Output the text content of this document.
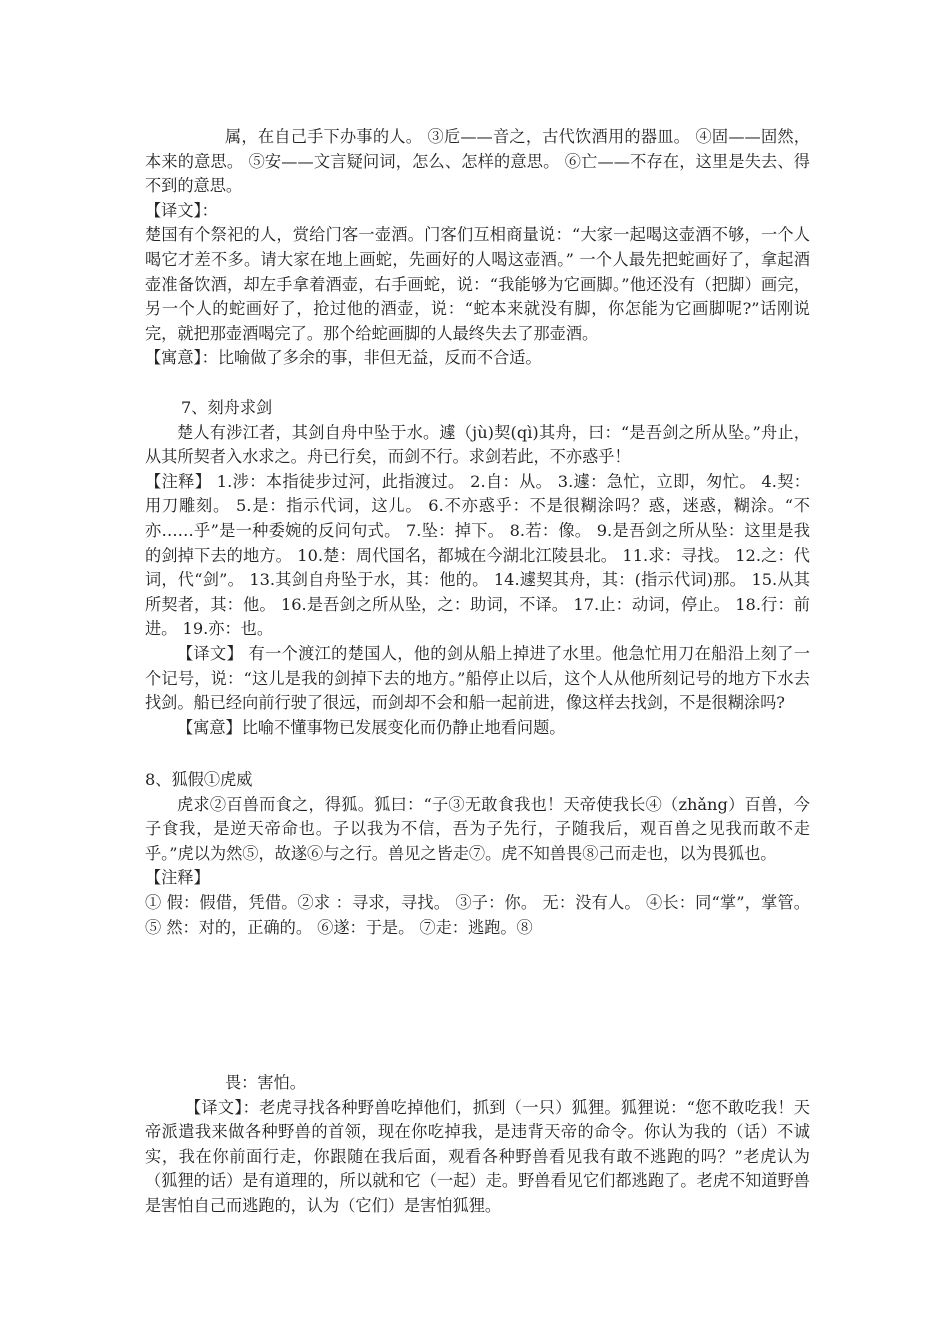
属，在自己手下办事的人。 ③卮——音之，古代饮酒用的器皿。 ④固——固然，本来的意思。 ⑤安——文言疑问词，怎么、怎样的意思。 ⑥亡——不存在，这里是失去、得不到的意思。

【译文】：

楚国有个祭祀的人，赏给门客一壶酒。门客们互相商量说：“大家一起喝这壶酒不够，一个人喝它才差不多。请大家在地上画蛇，先画好的人喝这壶酒。” 一个人最先把蛇画好了，拿起酒壶准备饮酒，却左手拿着酒壶，右手画蛇，说：“我能够为它画脚。”他还没有（把脚）画完，另一个人的蛇画好了，抢过他的酒壶，说：“蛇本来就没有脚，你怎能为它画脚呢?”话刚说完，就把那壶酒喝完了。那个给蛇画脚的人最终失去了那壶酒。

【寓意】：比喻做了多余的事，非但无益，反而不合适。

7、刻舟求剑

楚人有涉江者，其剑自舟中坠于水。遽（jù)契(qì)其舟，曰：“是吾剑之所从坠。”舟止，从其所契者入水求之。舟已行矣，而剑不行。求剑若此，不亦惑乎！

【注释】 1.涉：本指徒步过河，此指渡过。 2.自：从。 3.遽：急忙，立即，匆忙。 4.契：用刀雕刻。 5.是：指示代词，这儿。 6.不亦惑乎：不是很糊涂吗？惑，迷惑，糊涂。“不亦……乎”是一种委婉的反问句式。 7.坠：掉下。 8.若：像。 9.是吾剑之所从坠：这里是我的剑掉下去的地方。 10.楚：周代国名，都城在今湖北江陵县北。 11.求：寻找。 12.之：代词，代“剑”。 13.其剑自舟坠于水，其：他的。 14.遽契其舟，其：(指示代词)那。 15.从其所契者，其：他。 16.是吾剑之所从坠，之：助词，不译。 17.止：动词，停止。 18.行：前进。 19.亦：也。

【译文】 有一个渡江的楚国人，他的剑从船上掉进了水里。他急忙用刀在船沿上刻了一个记号，说：“这儿是我的剑掉下去的地方。”船停止以后，这个人从他所刻记号的地方下水去找剑。船已经向前行驶了很远，而剑却不会和船一起前进，像这样去找剑，不是很糊涂吗?

【寓意】比喻不懂事物已发展变化而仍静止地看问题。

8、狐假①虎威

虎求②百兽而食之，得狐。狐曰：“子③无敢食我也！天帝使我长④（zhǎng）百兽，今子食我，是逆天帝命也。子以我为不信，吾为子先行，子随我后，观百兽之见我而敢不走乎。”虎以为然⑤，故遂⑥与之行。兽见之皆走⑦。虎不知兽畏⑧己而走也，以为畏狐也。

【注释】

① 假：假借，凭借。②求 ：寻求，寻找。 ③子：你。 无：没有人。 ④长：同“掌”，掌管。⑤ 然：对的，正确的。 ⑥遂：于是。 ⑦走：逃跑。⑧

畏：害怕。

【译文】：老虎寻找各种野兽吃掉他们，抓到（一只）狐狸。狐狸说：“您不敢吃我！天帝派遣我来做各种野兽的首领，现在你吃掉我，是违背天帝的命令。你认为我的（话）不诚实，我在你前面行走，你跟随在我后面，观看各种野兽看见我有敢不逃跑的吗？”老虎认为（狐狸的话）是有道理的，所以就和它（一起）走。野兽看见它们都逃跑了。老虎不知道野兽是害怕自己而逃跑的，认为（它们）是害怕狐狸。
